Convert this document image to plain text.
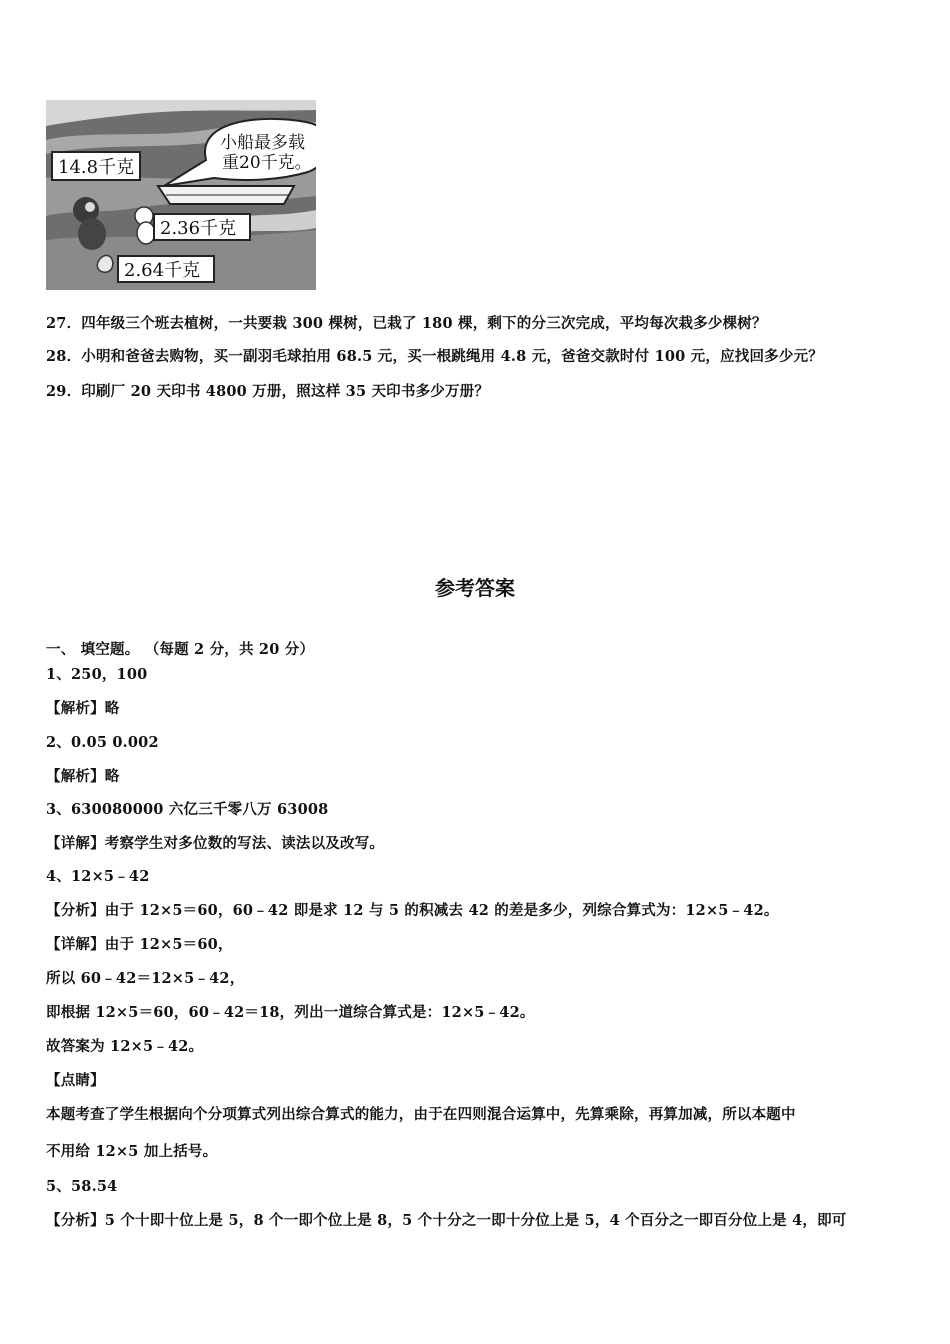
小船最多载
重20千克。
14.8千克
2.36千克
2.64千克
27．四年级三个班去植树，一共要栽 300 棵树，已栽了 180 棵，剩下的分三次完成，平均每次栽多少棵树？
28．小明和爸爸去购物，买一副羽毛球拍用 68.5 元，买一根跳绳用 4.8 元，爸爸交款时付 100 元，应找回多少元？
29．印刷厂 20 天印书 4800 万册，照这样 35 天印书多少万册？
参考答案
一、 填空题。 （每题 2 分，共 20 分）
1、250，100
【解析】略
2、0.05 0.002
【解析】略
3、630080000 六亿三千零八万 63008
【详解】考察学生对多位数的写法、读法以及改写。
4、12×5﹣42
【分析】由于 12×5＝60，60﹣42 即是求 12 与 5 的积减去 42 的差是多少，列综合算式为：12×5﹣42。
【详解】由于 12×5＝60，
所以 60﹣42＝12×5﹣42，
即根据 12×5＝60，60﹣42＝18，列出一道综合算式是：12×5﹣42。
故答案为 12×5﹣42。
【点睛】
本题考查了学生根据向个分项算式列出综合算式的能力，由于在四则混合运算中，先算乘除，再算加减，所以本题中
不用给 12×5 加上括号。
5、58.54
【分析】5 个十即十位上是 5，8 个一即个位上是 8，5 个十分之一即十分位上是 5，4 个百分之一即百分位上是 4，即可
